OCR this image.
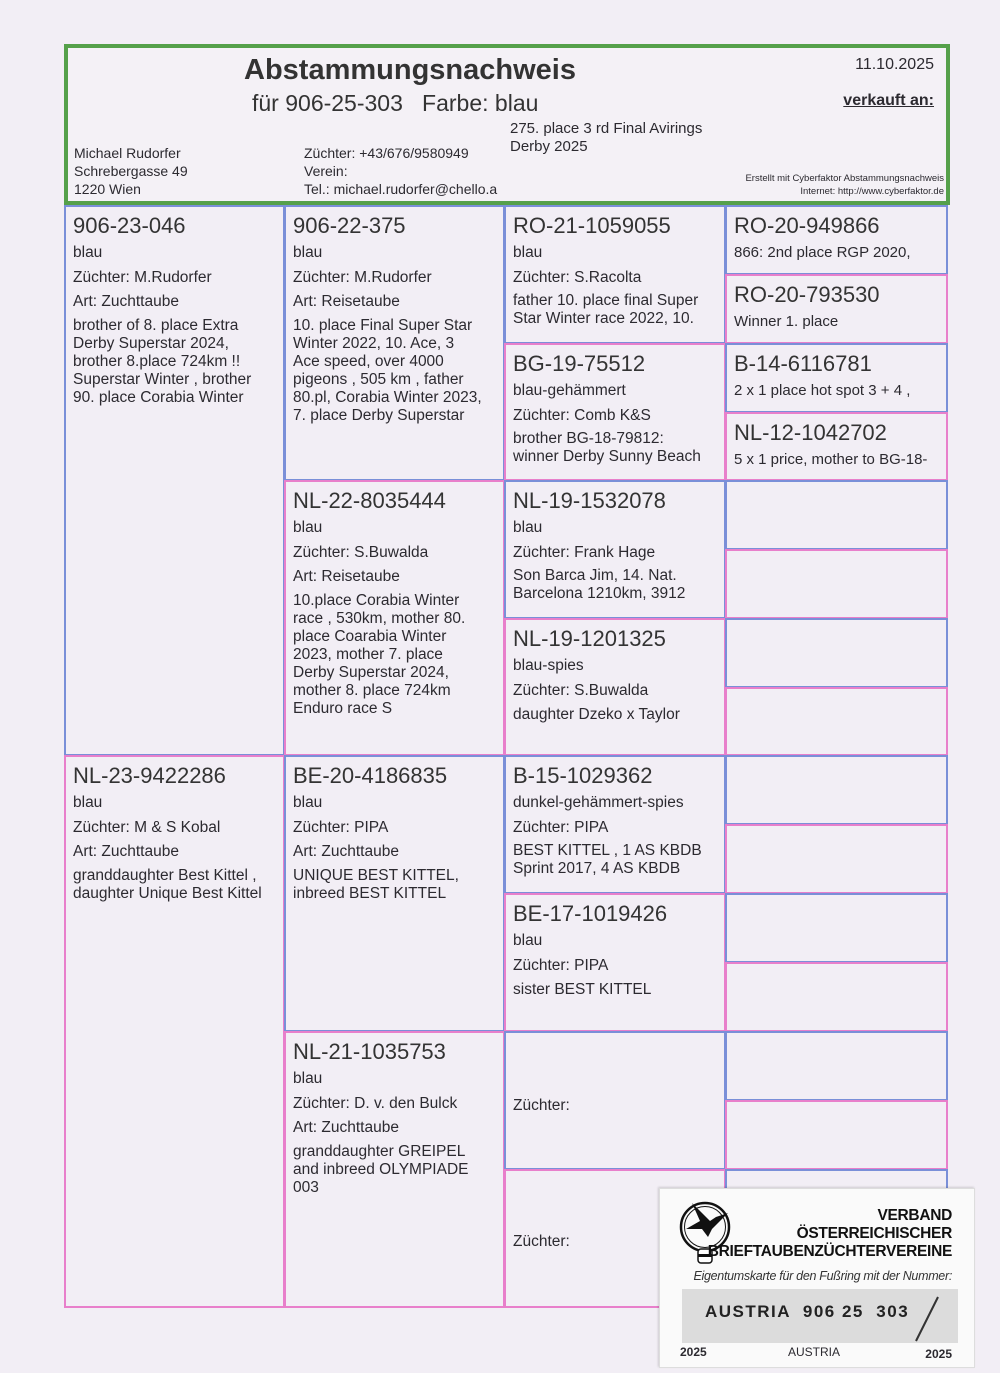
Abstammungsnachweis
für 906-25-303   Farbe: blau
11.10.2025
verkauft an:
275. place 3 rd Final Avirings
Derby 2025
Michael Rudorfer
Schrebergasse 49
1220 Wien
Züchter: +43/676/9580949
Verein:
Tel.: michael.rudorfer@chello.a
Erstellt mit Cyberfaktor Abstammungsnachweis
Internet: http://www.cyberfaktor.de
906-23-046
blau
Züchter: M.Rudorfer
Art: Zuchttaube
brother of 8. place Extra
Derby Superstar 2024,
brother 8.place 724km !!
Superstar Winter , brother
90. place Corabia Winter
NL-23-9422286
blau
Züchter: M & S Kobal
Art: Zuchttaube
granddaughter Best Kittel ,
daughter Unique Best Kittel
906-22-375
blau
Züchter: M.Rudorfer
Art: Reisetaube
10. place Final Super Star
Winter 2022, 10. Ace, 3
Ace speed, over 4000
pigeons , 505 km , father
80.pl, Corabia Winter 2023,
7. place Derby Superstar
NL-22-8035444
blau
Züchter: S.Buwalda
Art: Reisetaube
10.place Corabia Winter
race , 530km, mother 80.
place Coarabia Winter
2023, mother 7. place
Derby Superstar 2024,
mother 8. place 724km
Enduro race S
BE-20-4186835
blau
Züchter: PIPA
Art: Zuchttaube
UNIQUE BEST KITTEL,
inbreed BEST KITTEL
NL-21-1035753
blau
Züchter: D. v. den Bulck
Art: Zuchttaube
granddaughter GREIPEL
and inbreed OLYMPIADE
003
RO-21-1059055
blau
Züchter: S.Racolta
father 10. place final Super
Star Winter race 2022, 10.
BG-19-75512
blau-gehämmert
Züchter: Comb K&S
brother BG-18-79812:
winner Derby Sunny Beach
NL-19-1532078
blau
Züchter: Frank Hage
Son Barca Jim, 14. Nat.
Barcelona 1210km, 3912
NL-19-1201325
blau-spies
Züchter: S.Buwalda
daughter Dzeko x Taylor
B-15-1029362
dunkel-gehämmert-spies
Züchter: PIPA
BEST KITTEL , 1 AS KBDB
Sprint 2017, 4 AS KBDB
BE-17-1019426
blau
Züchter: PIPA
sister BEST KITTEL
Züchter:
Züchter:
RO-20-949866
866: 2nd place RGP 2020,
RO-20-793530
Winner 1. place
B-14-6116781
2 x 1 place hot spot 3 + 4 ,
NL-12-1042702
5 x 1 price, mother to BG-18-
VERBAND
ÖSTERREICHISCHER
BRIEFTAUBENZÜCHTERVEREINE
Eigentumskarte für den Fußring mit der Nummer:
AUSTRIA  906 25  303
2025	AUSTRIA	2025
